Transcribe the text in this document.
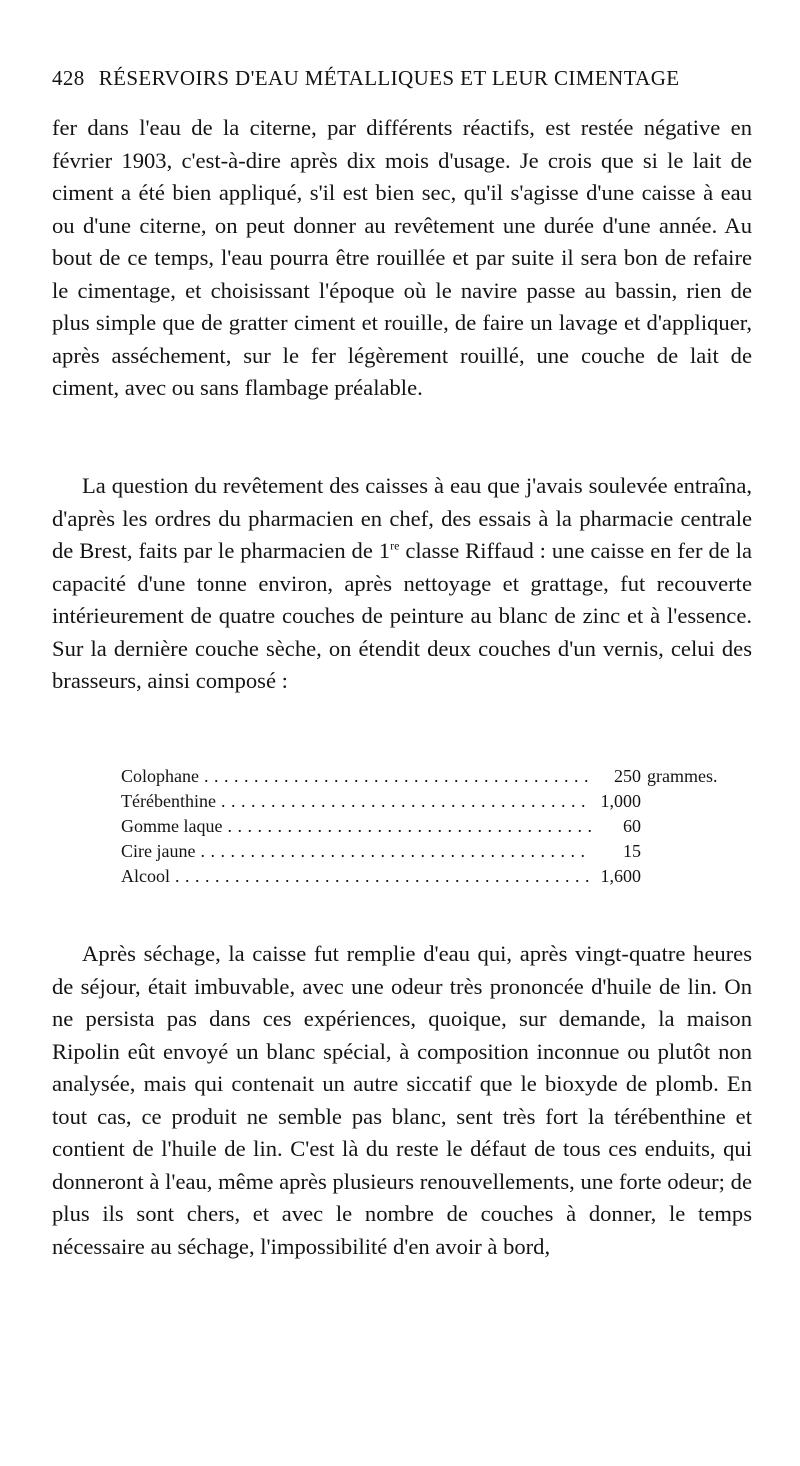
428 RÉSERVOIRS D'EAU MÉTALLIQUES ET LEUR CIMENTAGE

fer dans l'eau de la citerne, par différents réactifs, est restée négative en février 1903, c'est-à-dire après dix mois d'usage. Je crois que si le lait de ciment a été bien appliqué, s'il est bien sec, qu'il s'agisse d'une caisse à eau ou d'une citerne, on peut donner au revêtement une durée d'une année. Au bout de ce temps, l'eau pourra être rouillée et par suite il sera bon de refaire le cimentage, et choisissant l'époque où le navire passe au bassin, rien de plus simple que de gratter ciment et rouille, de faire un lavage et d'appliquer, après asséchement, sur le fer légèrement rouillé, une couche de lait de ciment, avec ou sans flambage préalable.

La question du revêtement des caisses à eau que j'avais soulevée entraîna, d'après les ordres du pharmacien en chef, des essais à la pharmacie centrale de Brest, faits par le pharmacien de 1re classe Riffaud : une caisse en fer de la capacité d'une tonne environ, après nettoyage et grattage, fut recouverte intérieurement de quatre couches de peinture au blanc de zinc et à l'essence. Sur la dernière couche sèche, on étendit deux couches d'un vernis, celui des brasseurs, ainsi composé :

Colophane . . .	250 grammes.
Térébenthine . . .	1,000
Gomme laque . . .	60
Cire jaune . . .	15
Alcool . . .	1,600

Après séchage, la caisse fut remplie d'eau qui, après vingt-quatre heures de séjour, était imbuvable, avec une odeur très prononcée d'huile de lin. On ne persista pas dans ces expériences, quoique, sur demande, la maison Ripolin eût envoyé un blanc spécial, à composition inconnue ou plutôt non analysée, mais qui contenait un autre siccatif que le bioxyde de plomb. En tout cas, ce produit ne semble pas blanc, sent très fort la térébenthine et contient de l'huile de lin. C'est là du reste le défaut de tous ces enduits, qui donneront à l'eau, même après plusieurs renouvellements, une forte odeur; de plus ils sont chers, et avec le nombre de couches à donner, le temps nécessaire au séchage, l'impossibilité d'en avoir à bord,
